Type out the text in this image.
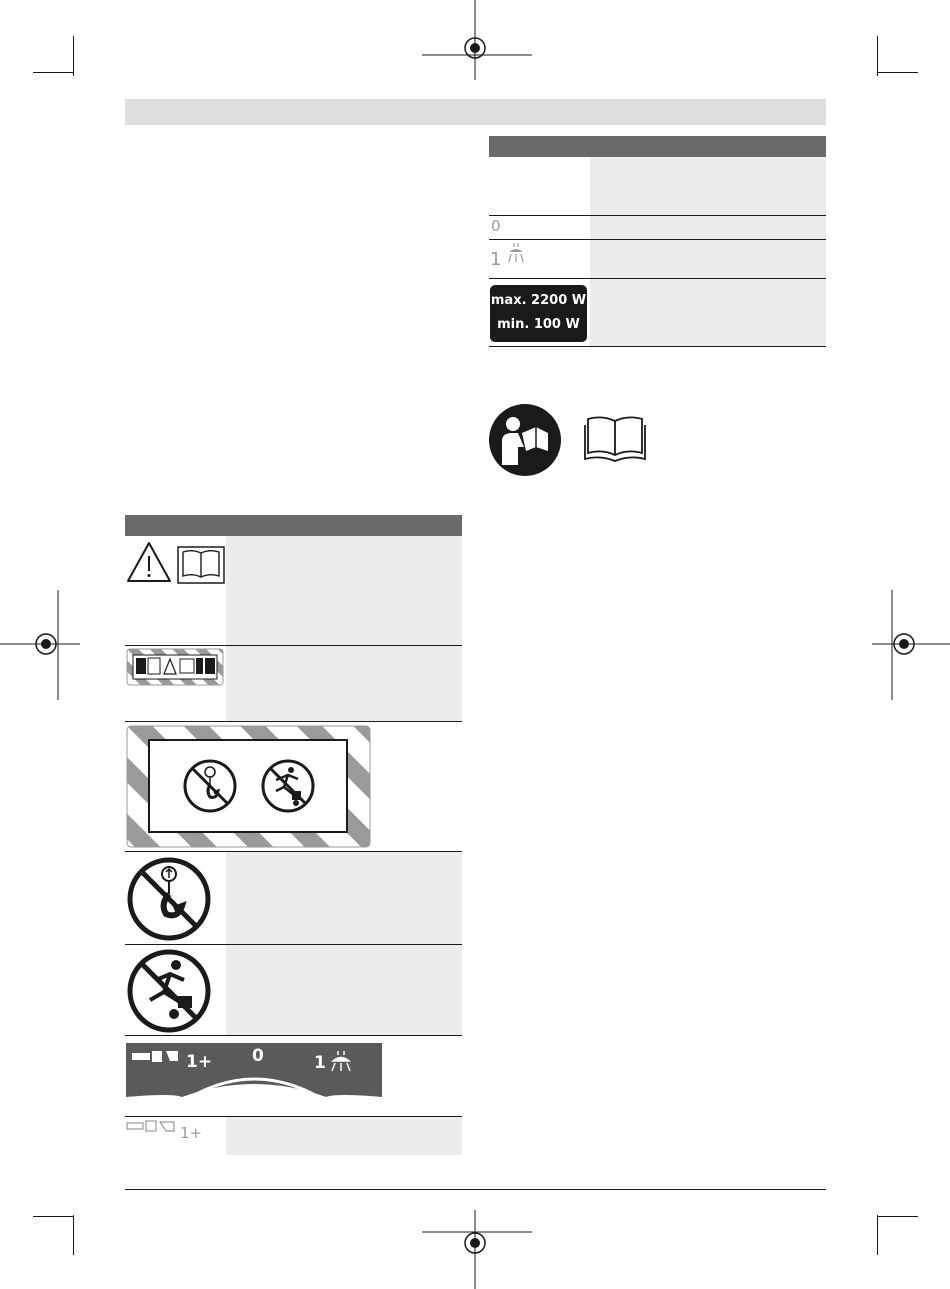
0
1
max. 2200 W
min. 100 W
1+ 0	1
1+
